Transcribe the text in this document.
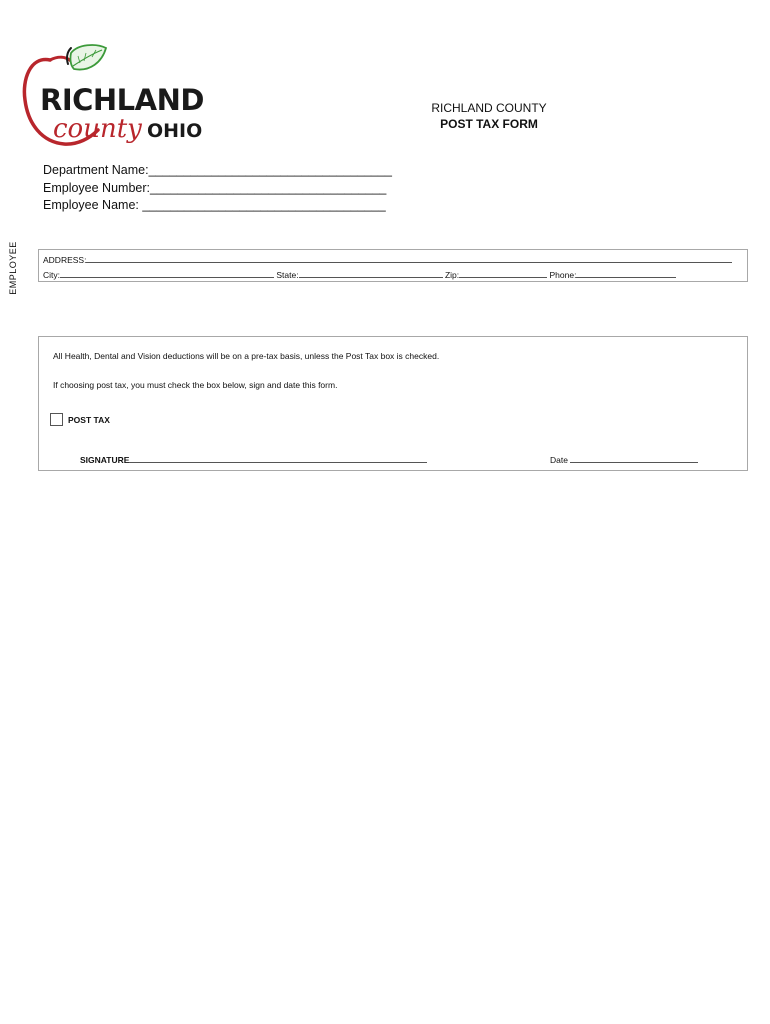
RICHLAND
county OHIO
RICHLAND COUNTY
POST TAX FORM
Department Name:___________________________________
Employee Number:__________________________________
Employee Name: ___________________________________
EMPLOYEE	ADDRESS:
City:	State:	Zip:	Phone:
All Health, Dental and Vision deductions will be on a pre-tax basis, unless the Post Tax box is checked.
If choosing post tax, you must check the box below, sign and date this form.
POST TAX
SIGNATURE	Date
